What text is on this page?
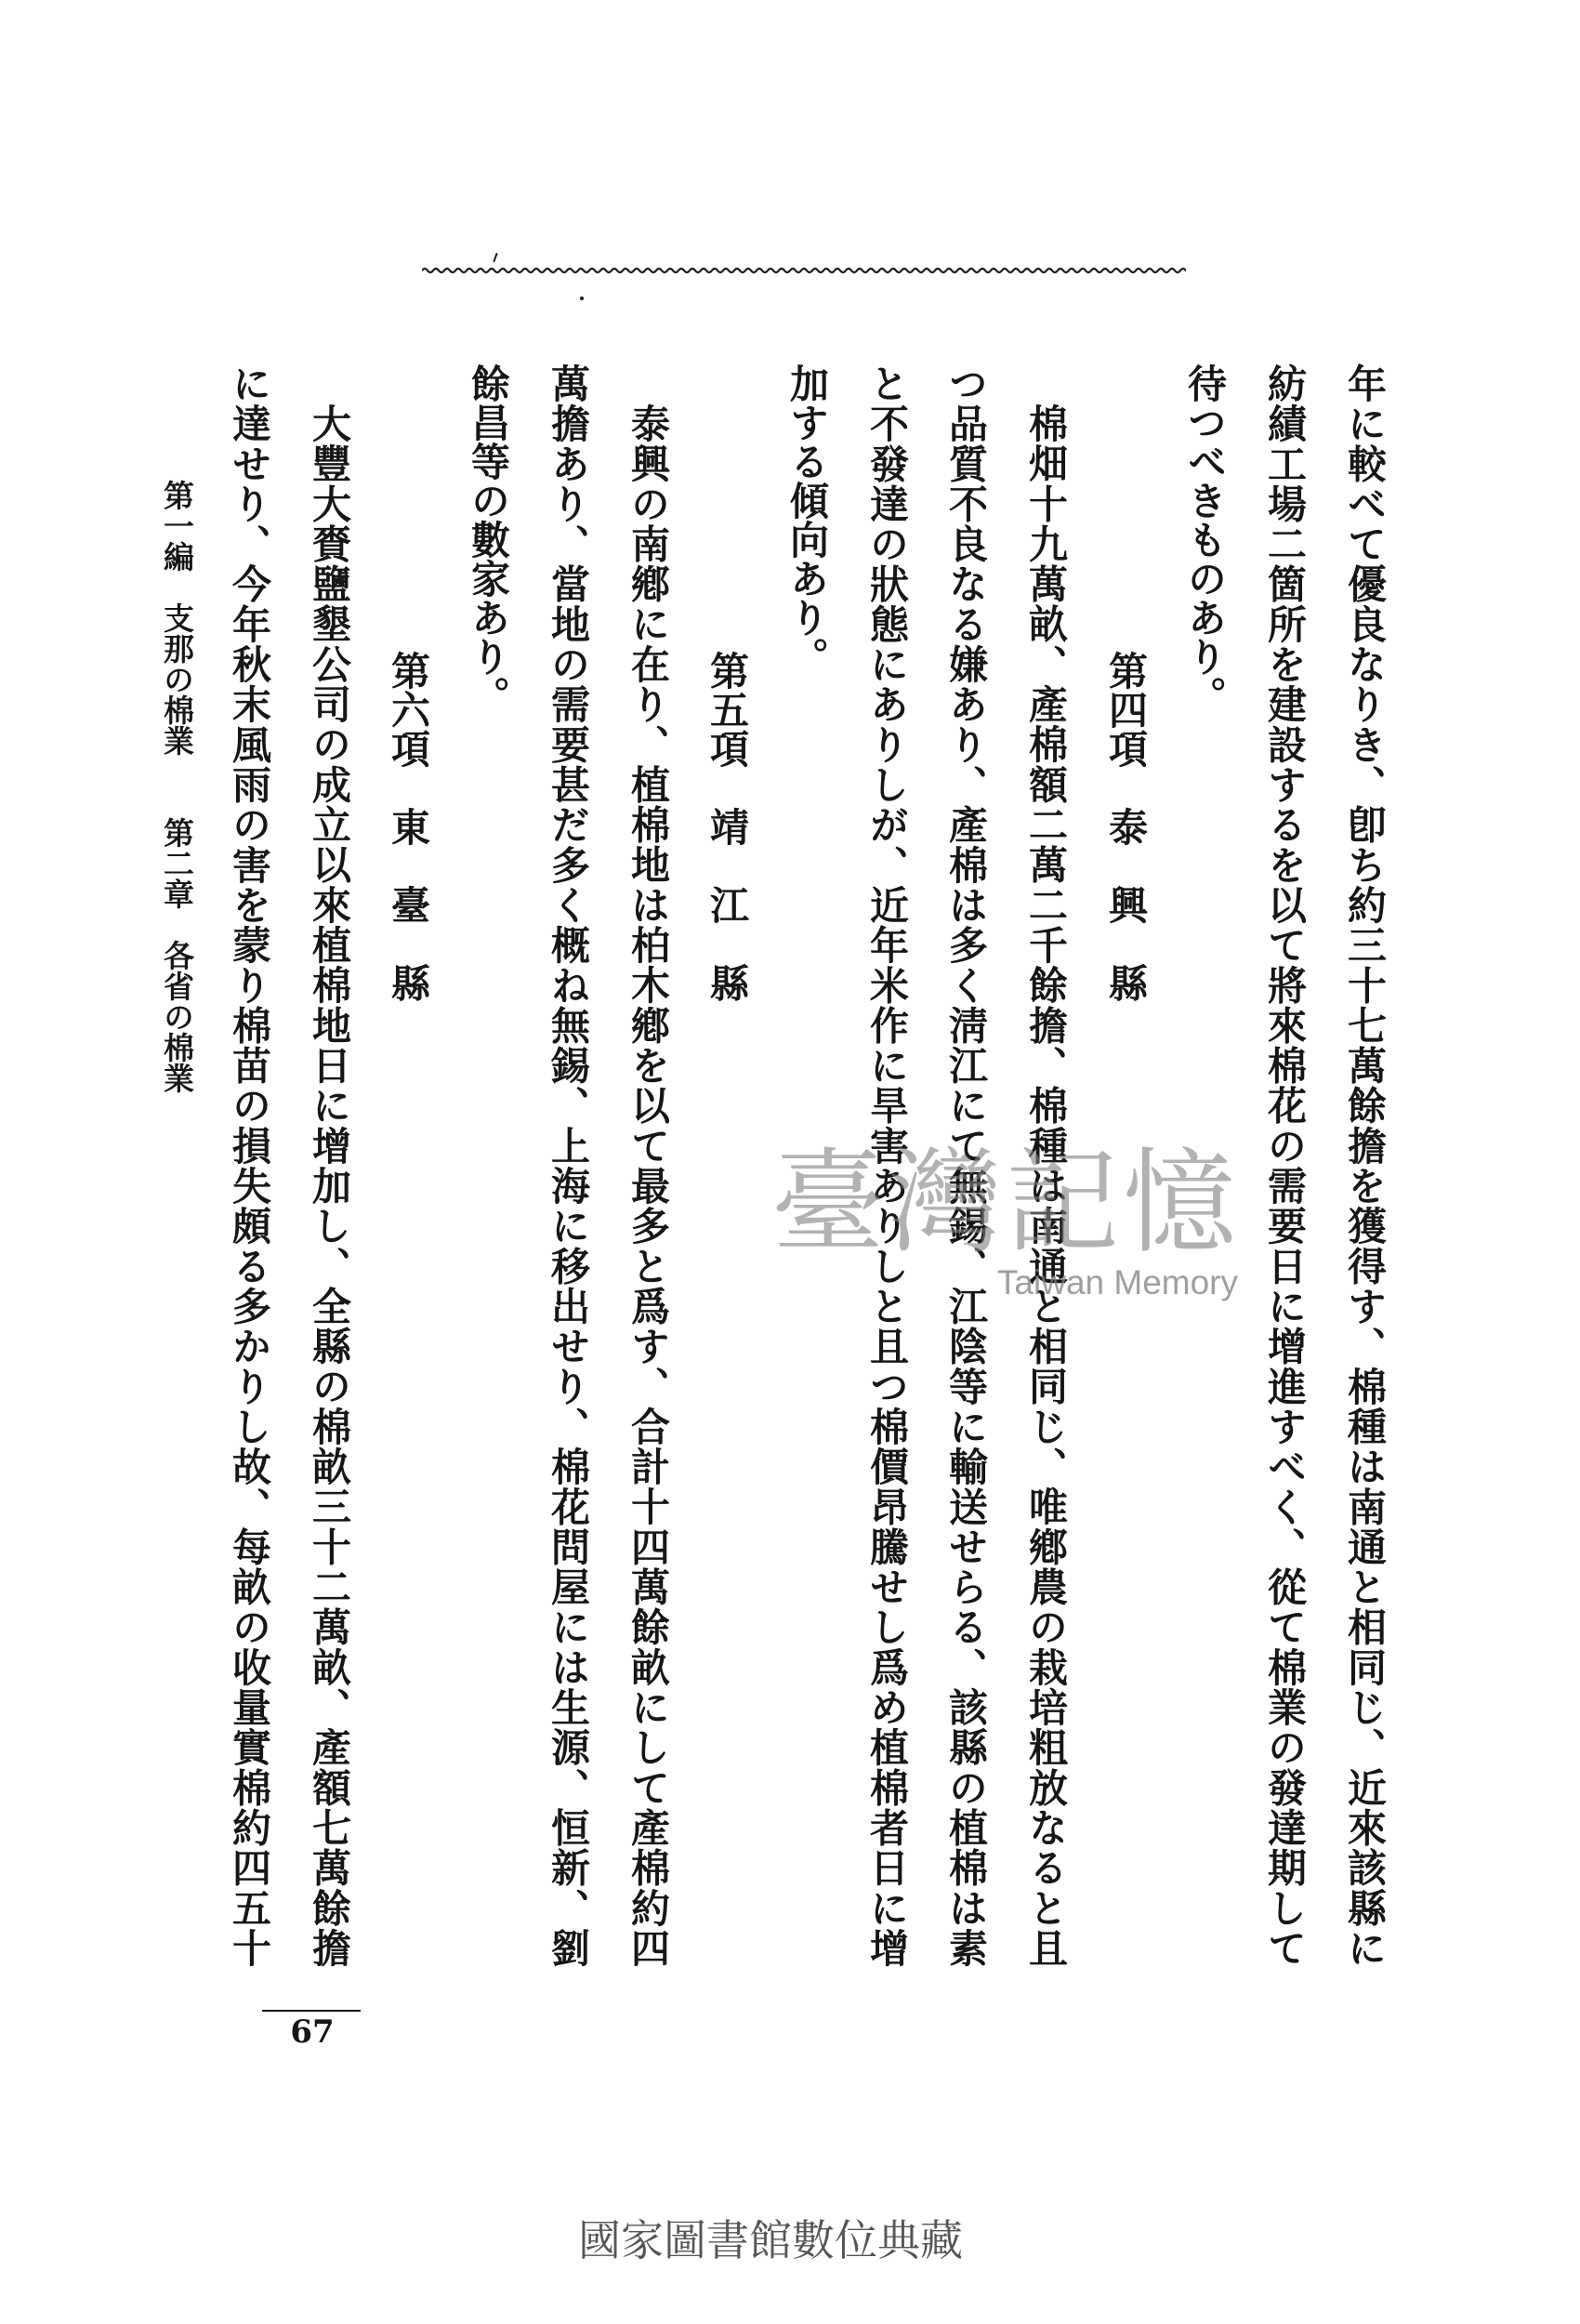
年に較べて優良なりき、卽ち約三十七萬餘擔を獲得す、棉種は南通と相同じ、近來該縣に

紡績工場二箇所を建設するを以て將來棉花の需要日に增進すべく、從て棉業の發達期して

待つべきものあり。

第四項　泰　興　縣

棉畑十九萬畝、產棉額二萬二千餘擔、棉種は南通と相同じ、唯鄕農の栽培粗放なると且

つ品質不良なる嫌あり、產棉は多く淸江にて無錫、江陰等に輸送せらる、該縣の植棉は素

と不發達の狀態にありしが、近年米作に旱害ありしと且つ棉價昂騰せし爲め植棉者日に增

加する傾向あり。

第五項　靖　江　縣

泰興の南鄕に在り、植棉地は柏木鄕を以て最多と爲す、合計十四萬餘畝にして產棉約四

萬擔あり、當地の需要甚だ多く概ね無錫、上海に移出せり、棉花問屋には生源、恒新、劉

餘昌等の數家あり。

第六項　東　臺　縣

大豐大賚鹽墾公司の成立以來植棉地日に增加し、全縣の棉畝三十二萬畝、產額七萬餘擔

に達せり、今年秋末風雨の害を蒙り棉苗の損失頗る多かりし故、每畝の收量實棉約四五十

第一編　支那の棉業　　第二章　各省の棉業
67
臺灣記憶
Taiwan Memory
國家圖書館數位典藏
